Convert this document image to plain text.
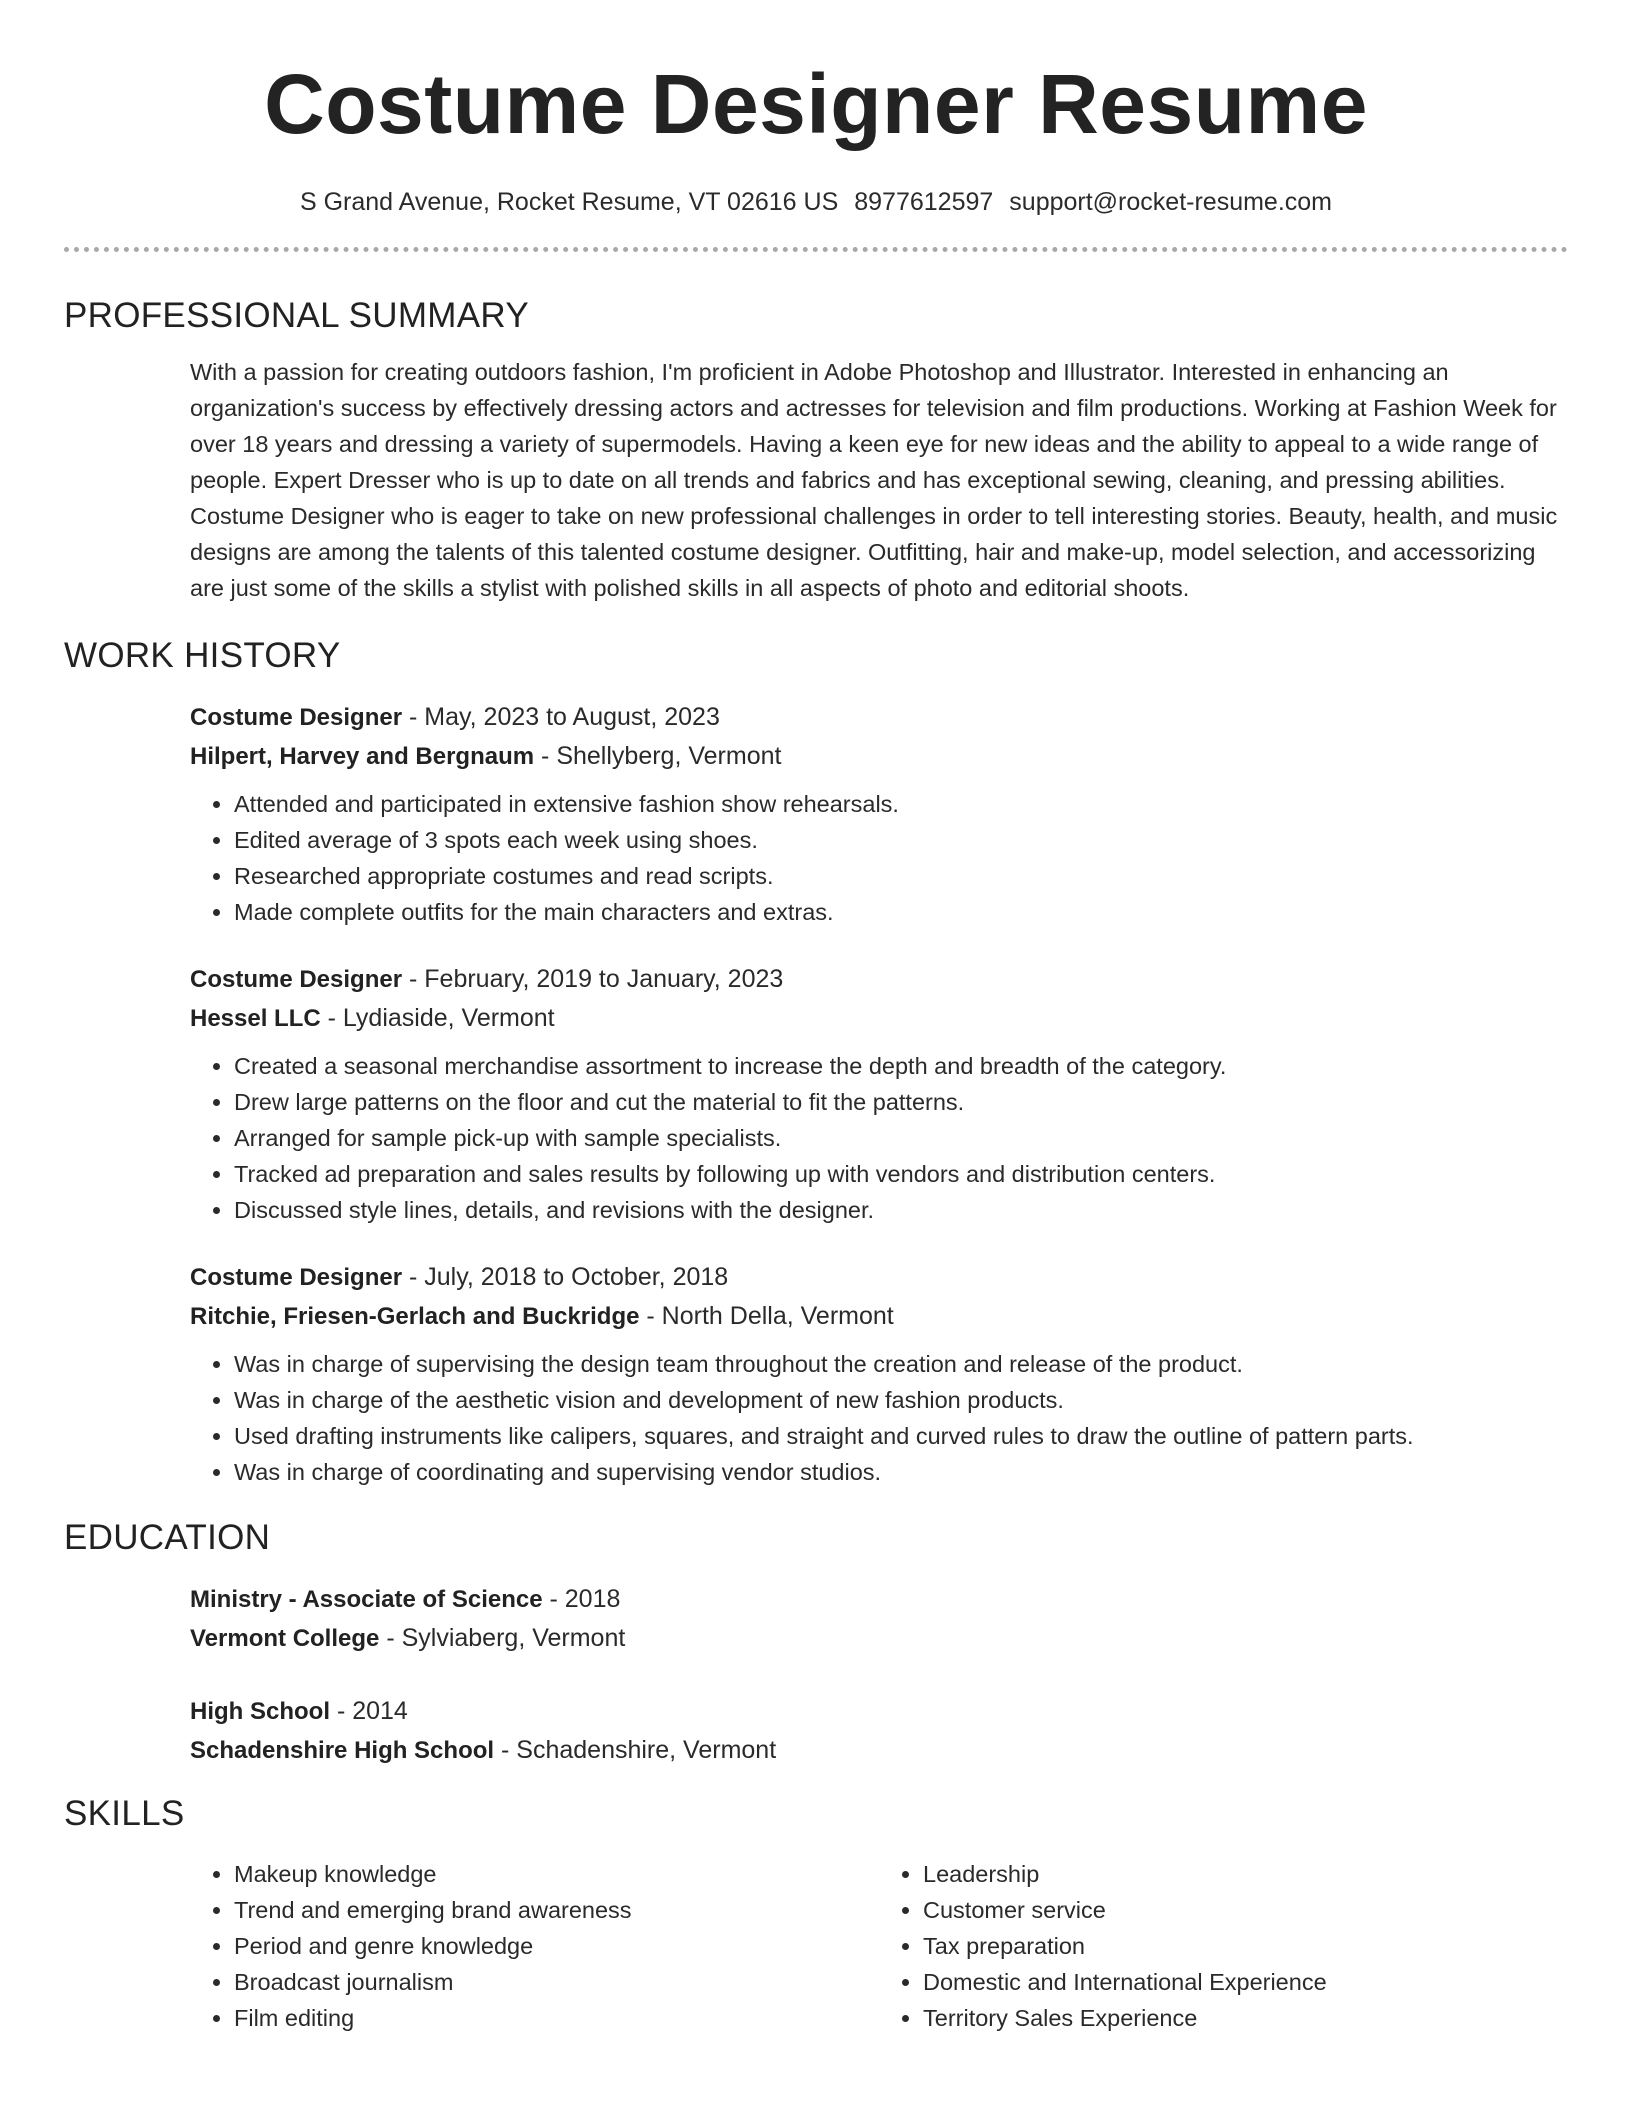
Costume Designer Resume
S Grand Avenue, Rocket Resume, VT 02616 US 8977612597 support@rocket-resume.com
PROFESSIONAL SUMMARY

With a passion for creating outdoors fashion, I'm proficient in Adobe Photoshop and Illustrator. Interested in enhancing an organization's success by effectively dressing actors and actresses for television and film productions. Working at Fashion Week for over 18 years and dressing a variety of supermodels. Having a keen eye for new ideas and the ability to appeal to a wide range of people. Expert Dresser who is up to date on all trends and fabrics and has exceptional sewing, cleaning, and pressing abilities. Costume Designer who is eager to take on new professional challenges in order to tell interesting stories. Beauty, health, and music designs are among the talents of this talented costume designer. Outfitting, hair and make-up, model selection, and accessorizing are just some of the skills a stylist with polished skills in all aspects of photo and editorial shoots.

WORK HISTORY
Costume Designer - May, 2023 to August, 2023
Hilpert, Harvey and Bergnaum - Shellyberg, Vermont
• Attended and participated in extensive fashion show rehearsals.
• Edited average of 3 spots each week using shoes.
• Researched appropriate costumes and read scripts.
• Made complete outfits for the main characters and extras.
Costume Designer - February, 2019 to January, 2023
Hessel LLC - Lydiaside, Vermont
• Created a seasonal merchandise assortment to increase the depth and breadth of the category.
• Drew large patterns on the floor and cut the material to fit the patterns.
• Arranged for sample pick-up with sample specialists.
• Tracked ad preparation and sales results by following up with vendors and distribution centers.
• Discussed style lines, details, and revisions with the designer.
Costume Designer - July, 2018 to October, 2018
Ritchie, Friesen-Gerlach and Buckridge - North Della, Vermont
• Was in charge of supervising the design team throughout the creation and release of the product.
• Was in charge of the aesthetic vision and development of new fashion products.
• Used drafting instruments like calipers, squares, and straight and curved rules to draw the outline of pattern parts.
• Was in charge of coordinating and supervising vendor studios.
EDUCATION
Ministry - Associate of Science - 2018
Vermont College - Sylviaberg, Vermont
High School - 2014
Schadenshire High School - Schadenshire, Vermont
SKILLS
• Makeup knowledge
• Trend and emerging brand awareness
• Period and genre knowledge
• Broadcast journalism
• Film editing
• Leadership
• Customer service
• Tax preparation
• Domestic and International Experience
• Territory Sales Experience
